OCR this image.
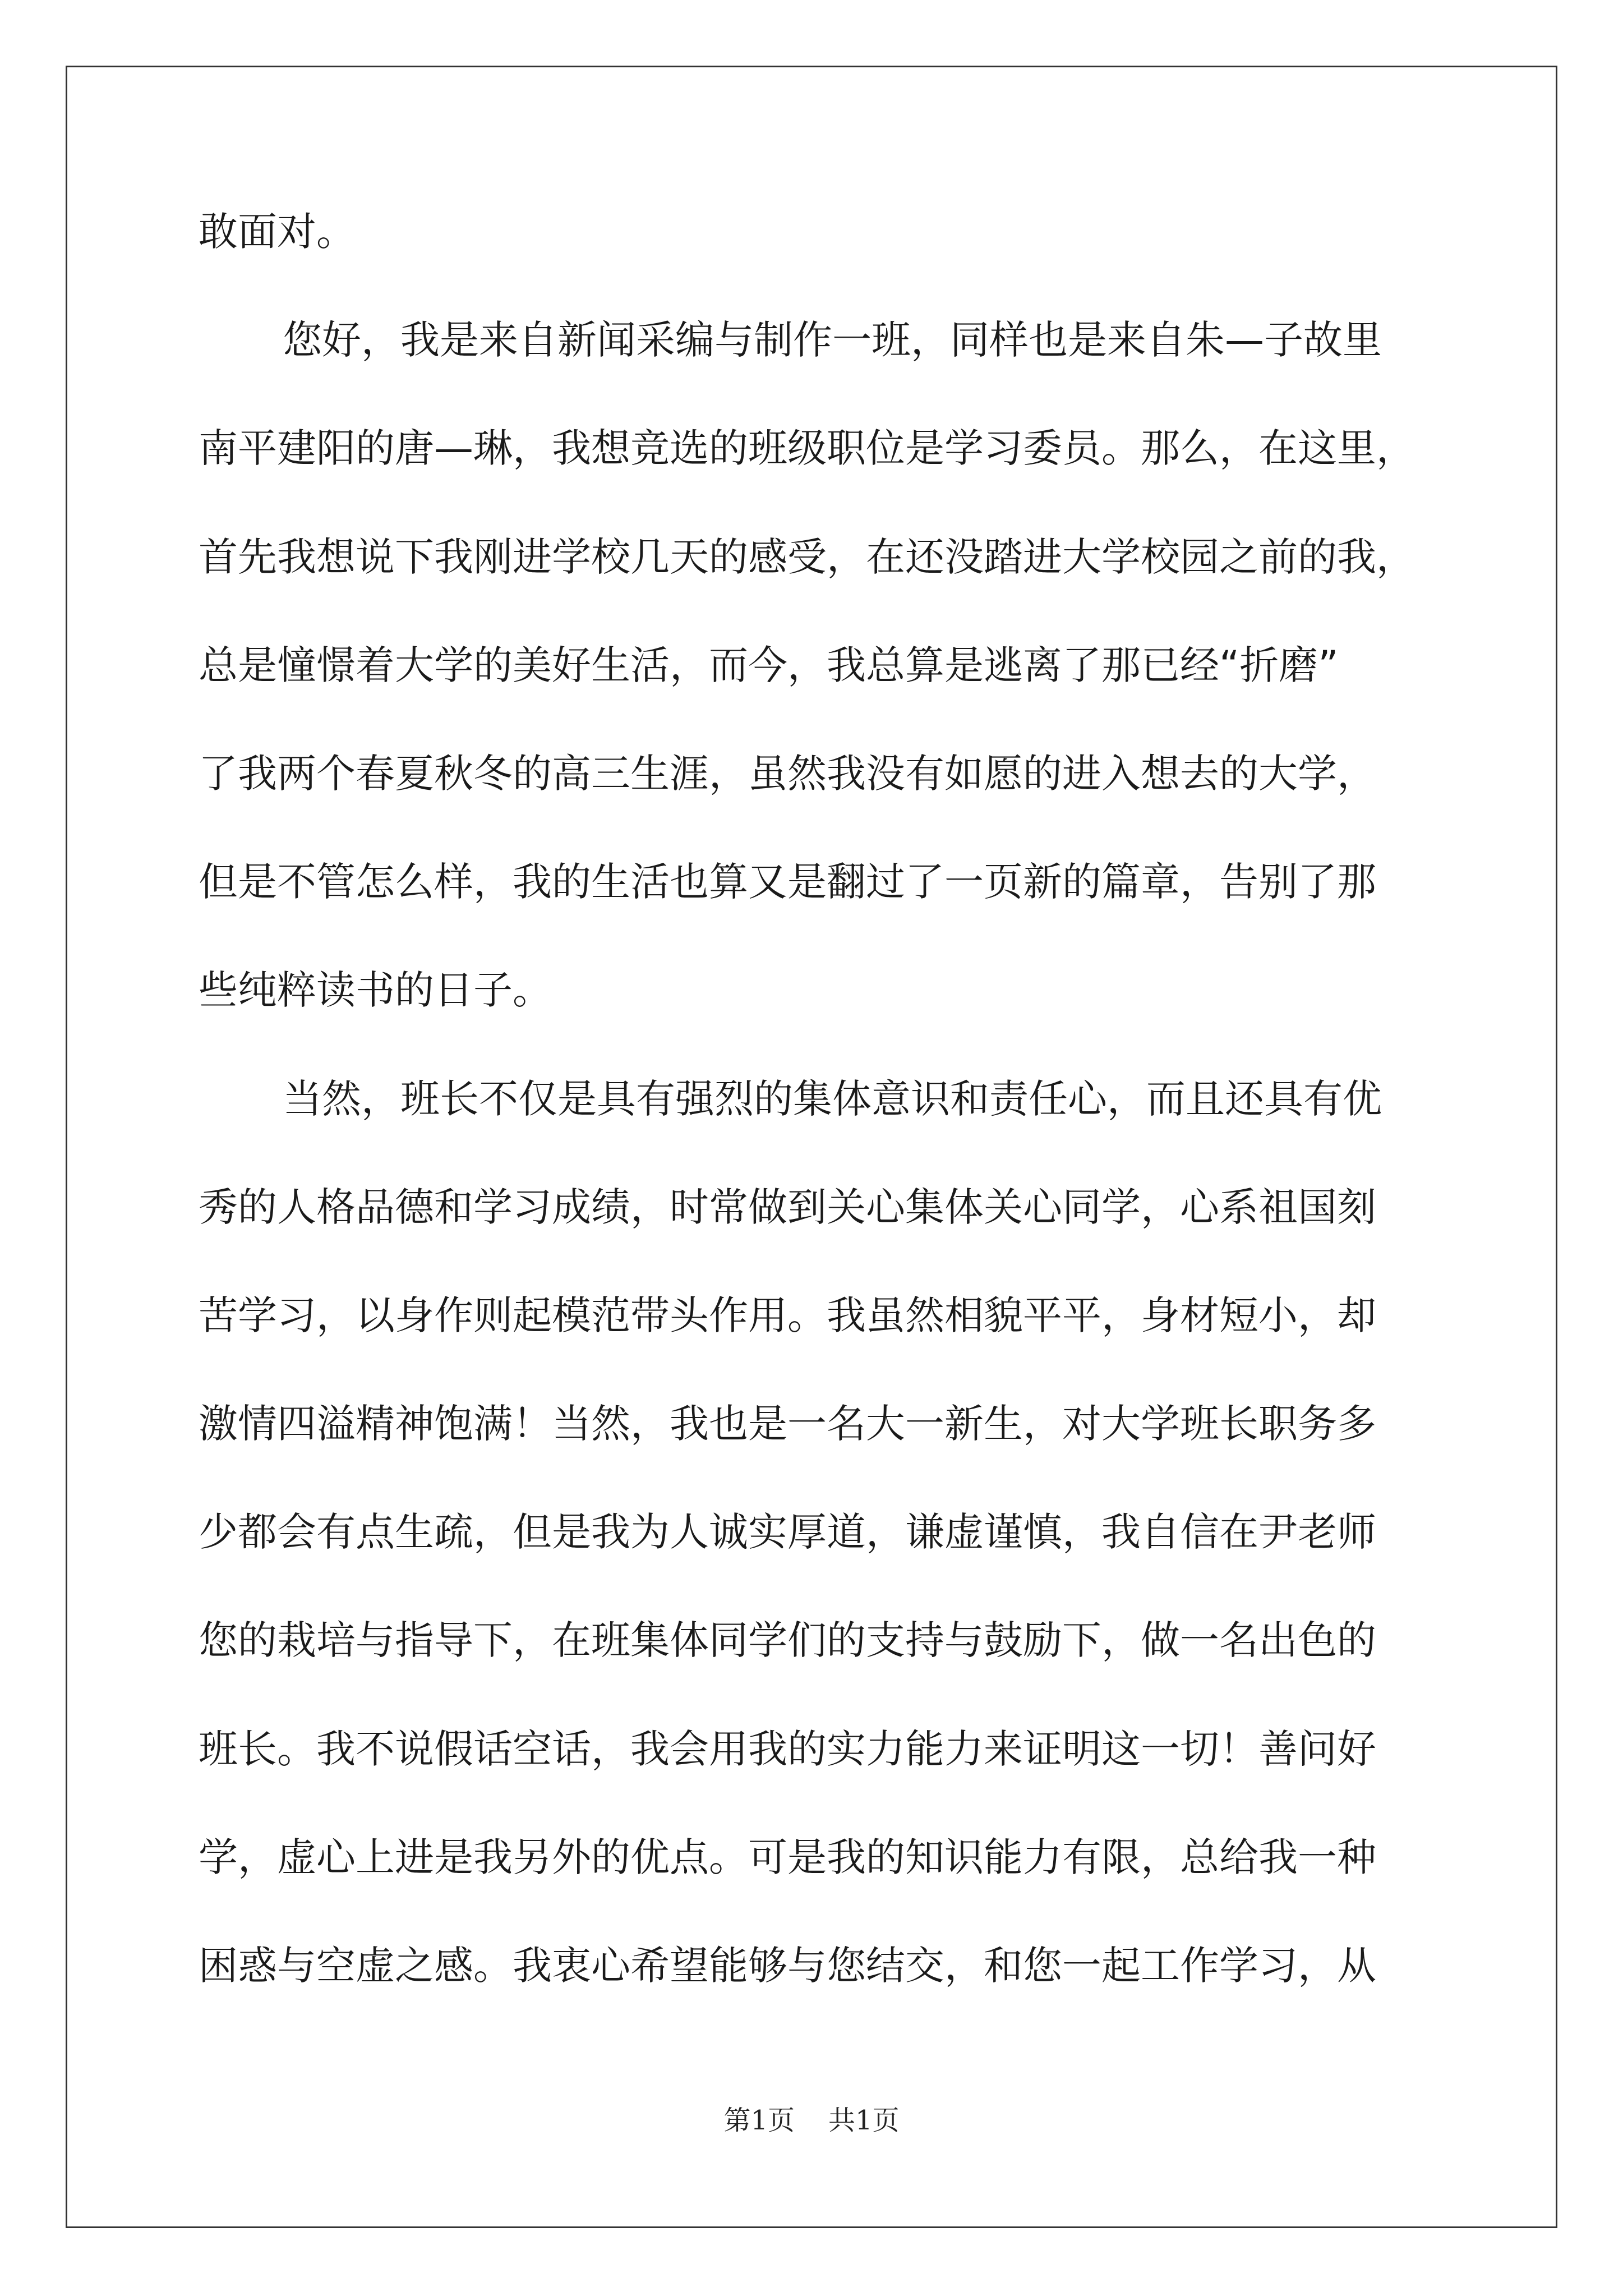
敢面对。
您好，我是来自新闻采编与制作一班，同样也是来自朱—子故里
南平建阳的唐—琳，我想竞选的班级职位是学习委员。那么，在这里，
首先我想说下我刚进学校几天的感受，在还没踏进大学校园之前的我，
总是憧憬着大学的美好生活，而今，我总算是逃离了那已经“折磨”
了我两个春夏秋冬的高三生涯，虽然我没有如愿的进入想去的大学，
但是不管怎么样，我的生活也算又是翻过了一页新的篇章，告别了那
些纯粹读书的日子。
当然，班长不仅是具有强烈的集体意识和责任心，而且还具有优
秀的人格品德和学习成绩，时常做到关心集体关心同学，心系祖国刻
苦学习，以身作则起模范带头作用。我虽然相貌平平，身材短小，却
激情四溢精神饱满！当然，我也是一名大一新生，对大学班长职务多
少都会有点生疏，但是我为人诚实厚道，谦虚谨慎，我自信在尹老师
您的栽培与指导下，在班集体同学们的支持与鼓励下，做一名出色的
班长。我不说假话空话，我会用我的实力能力来证明这一切！善问好
学，虚心上进是我另外的优点。可是我的知识能力有限，总给我一种
困惑与空虚之感。我衷心希望能够与您结交，和您一起工作学习，从
第1页 共1页
